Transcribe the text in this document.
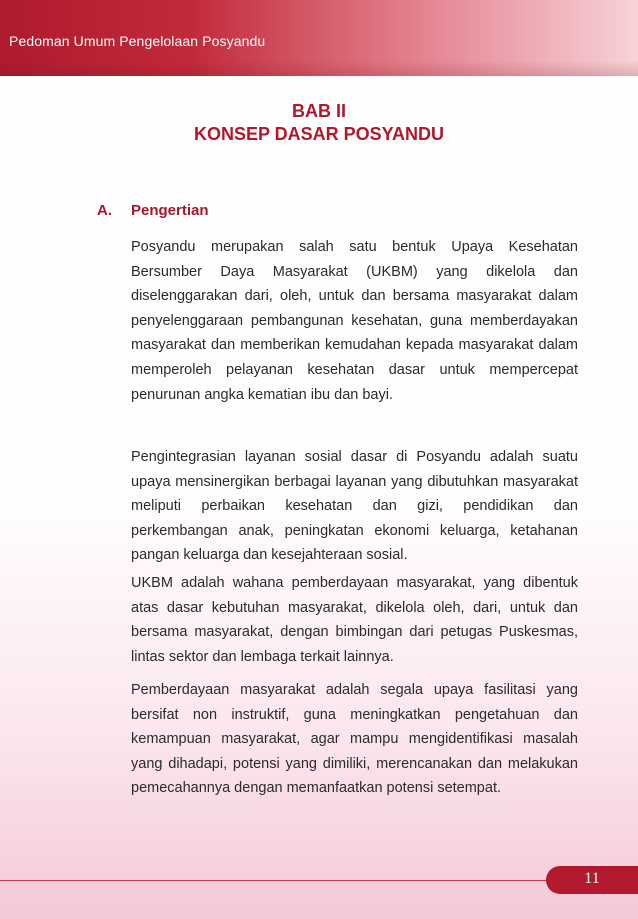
Pedoman Umum Pengelolaan Posyandu
BAB II
KONSEP DASAR POSYANDU
A. Pengertian

Posyandu merupakan salah satu bentuk Upaya Kesehatan Bersumber Daya Masyarakat (UKBM) yang dikelola dan diselenggarakan dari, oleh, untuk dan bersama masyarakat dalam penyelenggaraan pembangunan kesehatan, guna memberdayakan masyarakat dan memberikan kemudahan kepada masyarakat dalam memperoleh pelayanan kesehatan dasar untuk mempercepat penurunan angka kematian ibu dan bayi.

Pengintegrasian layanan sosial dasar di Posyandu adalah suatu upaya mensinergikan berbagai layanan yang dibutuhkan masyarakat meliputi perbaikan kesehatan dan gizi, pendidikan dan perkembangan anak, peningkatan ekonomi keluarga, ketahanan pangan keluarga dan kesejahteraan sosial.

UKBM adalah wahana pemberdayaan masyarakat, yang dibentuk atas dasar kebutuhan masyarakat, dikelola oleh, dari, untuk dan bersama masyarakat, dengan bimbingan dari petugas Puskesmas, lintas sektor dan lembaga terkait lainnya.

Pemberdayaan masyarakat adalah segala upaya fasilitasi yang bersifat non instruktif, guna meningkatkan pengetahuan dan kemampuan masyarakat, agar mampu mengidentifikasi masalah yang dihadapi, potensi yang dimiliki, merencanakan dan melakukan pemecahannya dengan memanfaatkan potensi setempat.

11
